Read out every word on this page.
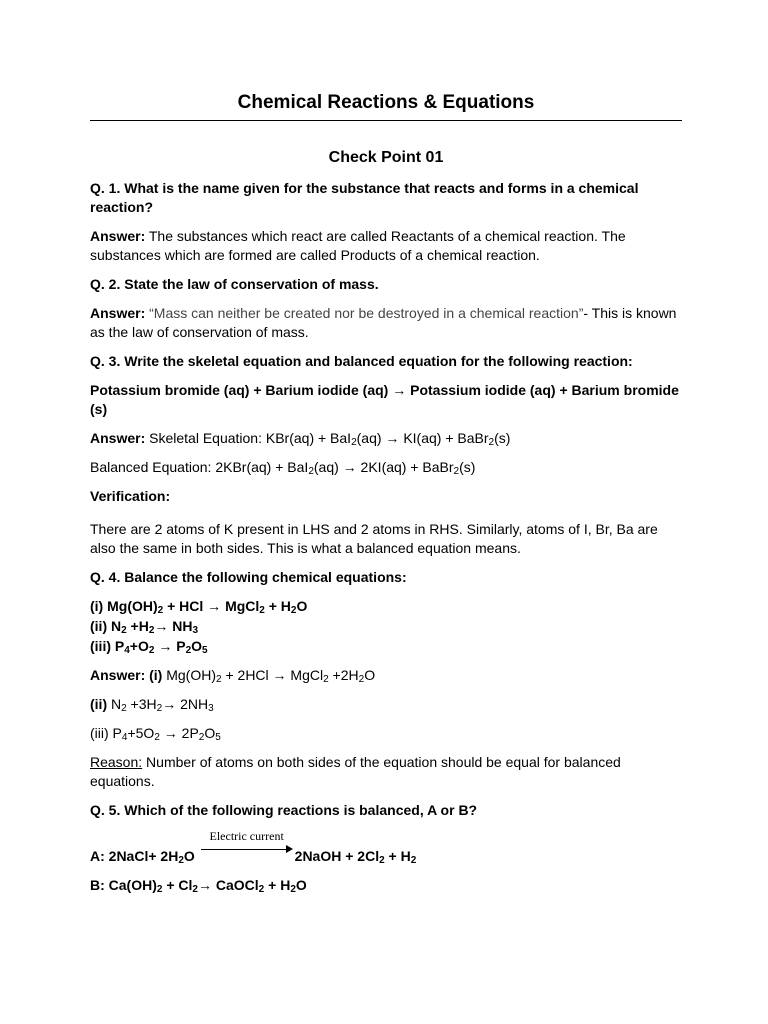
Chemical Reactions & Equations
Check Point 01

Q. 1. What is the name given for the substance that reacts and forms in a chemical reaction?

Answer: The substances which react are called Reactants of a chemical reaction. The substances which are formed are called Products of a chemical reaction.

Q. 2. State the law of conservation of mass.

Answer: “Mass can neither be created nor be destroyed in a chemical reaction”- This is known as the law of conservation of mass.

Q. 3. Write the skeletal equation and balanced equation for the following reaction:

Potassium bromide (aq) + Barium iodide (aq) → Potassium iodide (aq) + Barium bromide (s)

Answer: Skeletal Equation: KBr(aq) + BaI$_2$(aq) → KI(aq) + BaBr$_2$(s)

Balanced Equation: 2KBr(aq) + BaI$_2$(aq) → 2KI(aq) + BaBr$_2$(s)

Verification:

There are 2 atoms of K present in LHS and 2 atoms in RHS. Similarly, atoms of I, Br, Ba are also the same in both sides. This is what a balanced equation means.

Q. 4. Balance the following chemical equations:

(i) $Mg(OH)_2$ + HCl → MgCl$_2$ + $H_2O$

(ii) $N_2 +H_2\to NH_3$

(iii) $P_4+O_2 \to P_2O_5$

Answer: (i) $Mg(OH)_2 + 2HCl$ → MgCl$_2$ $+2H_2O$

(ii) $N_2 +3H_2\to 2NH_3$

(iii) $P_4+5O_2 \to 2P_2O_5$

Reason: Number of atoms on both sides of the equation should be equal for balanced equations.

Q. 5. Which of the following reactions is balanced, A or B?

A: 2NaCl+ $2H_2O$
Electric current
2NaOH + $2Cl_2 + H_2$

B: $Ca(OH)_2 + Cl_2\to$ CaOCl$_2$ + $H_2O$
